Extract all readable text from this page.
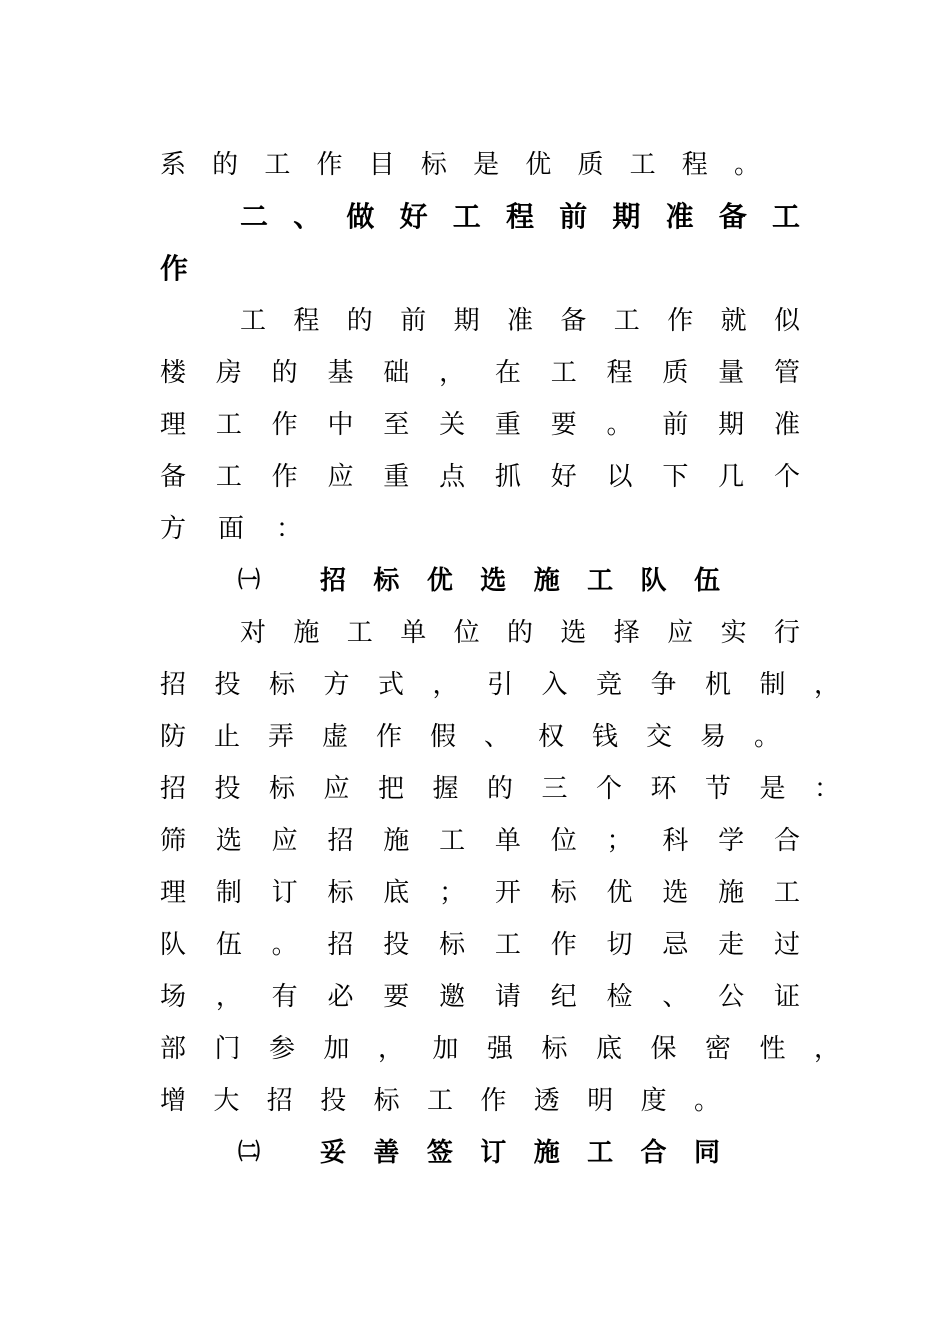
系的工作目标是优质工程。
二、做好工程前期准备工
作
工程的前期准备工作就似
楼房的基础，在工程质量管
理工作中至关重要。前期准
备工作应重点抓好以下几个
方面：
㈠ 招标优选施工队伍
对施工单位的选择应实行
招投标方式，引入竞争机制，
防止弄虚作假、权钱交易。
招投标应把握的三个环节是：
筛选应招施工单位；科学合
理制订标底；开标优选施工
队伍。招投标工作切忌走过
场，有必要邀请纪检、公证
部门参加，加强标底保密性，
增大招投标工作透明度。
㈡ 妥善签订施工合同
